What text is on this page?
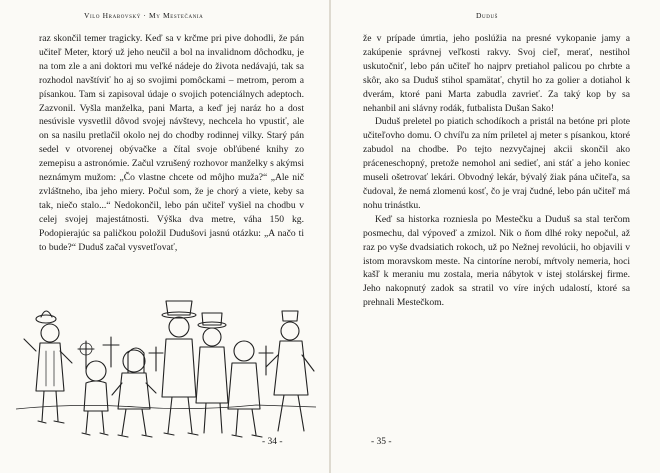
Vilo Hrabovský · My Mestečania

raz skončil temer tragicky. Keď sa v krčme pri pive dohodli, že pán učiteľ Meter, ktorý už jeho neučil a bol na invalidnom dôchodku, je na tom zle a ani doktori mu veľké nádeje do života nedávajú, tak sa rozhodol navštíviť ho aj so svojimi pomôckami – metrom, perom a písankou. Tam si zapisoval údaje o svojich potenciálnych adeptoch. Zazvonil. Vyšla manželka, pani Marta, a keď jej naráz ho a dost nesúvisle vysvetlil dôvod svojej návštevy, nechcela ho vpustiť, ale on sa nasilu pretlačil okolo nej do chodby rodinnej vilky. Starý pán sedel v otvorenej obývačke a čítal svoje obľúbené knihy zo zemepisu a astronómie. Začul vzrušený rozhovor manželky s akýmsi neznámym mužom: „Čo vlastne chcete od môjho muža?“ „Ale nič zvláštneho, iba jeho miery. Počul som, že je chorý a viete, keby sa tak, niečo stalo...“ Nedokončil, lebo pán učiteľ vyšiel na chodbu v celej svojej majestátnosti. Výška dva metre, váha 150 kg. Podopierajúc sa paličkou položil Dudušovi jasnú otázku: „A načo ti to bude?“ Duduš začal vysvetľovať,

- 34 -
Duduš

že v prípade úmrtia, jeho poslúžia na presné vykopanie jamy a zakúpenie správnej veľkosti rakvy. Svoj cieľ, merať, nestihol uskutočniť, lebo pán učiteľ ho najprv pretiahol palicou po chrbte a skôr, ako sa Duduš stihol spamätať, chytil ho za golier a dotiahol k dverám, ktoré pani Marta zabudla zavrieť. Za taký kop by sa nehanbil ani slávny rodák, futbalista Dušan Sako!

Duduš preletel po piatich schodíkoch a pristál na betóne pri plote učiteľovho domu. O chvíľu za ním priletel aj meter s písankou, ktoré zabudol na chodbe. Po tejto nezvyčajnej akcii skončil ako práceneschopný, pretože nemohol ani sedieť, ani stáť a jeho koniec museli ošetrovať lekári. Obvodný lekár, bývalý žiak pána učiteľa, sa čudoval, že nemá zlomenú kosť, čo je vraj čudné, lebo pán učiteľ má nohu trinástku.

Keď sa historka rozniesla po Mestečku a Duduš sa stal terčom posmechu, dal výpoveď a zmizol. Nik o ňom dlhé roky nepočul, až raz po vyše dvadsiatich rokoch, už po Nežnej revolúcii, ho objavili v istom moravskom meste. Na cintoríne nerobí, mŕtvoly nemeria, hoci kašľ k meraniu mu zostala, meria nábytok v istej stolárskej firme. Jeho nakopnutý zadok sa stratil vo víre iných udalostí, ktoré sa prehnali Mestečkom.

- 35 -
